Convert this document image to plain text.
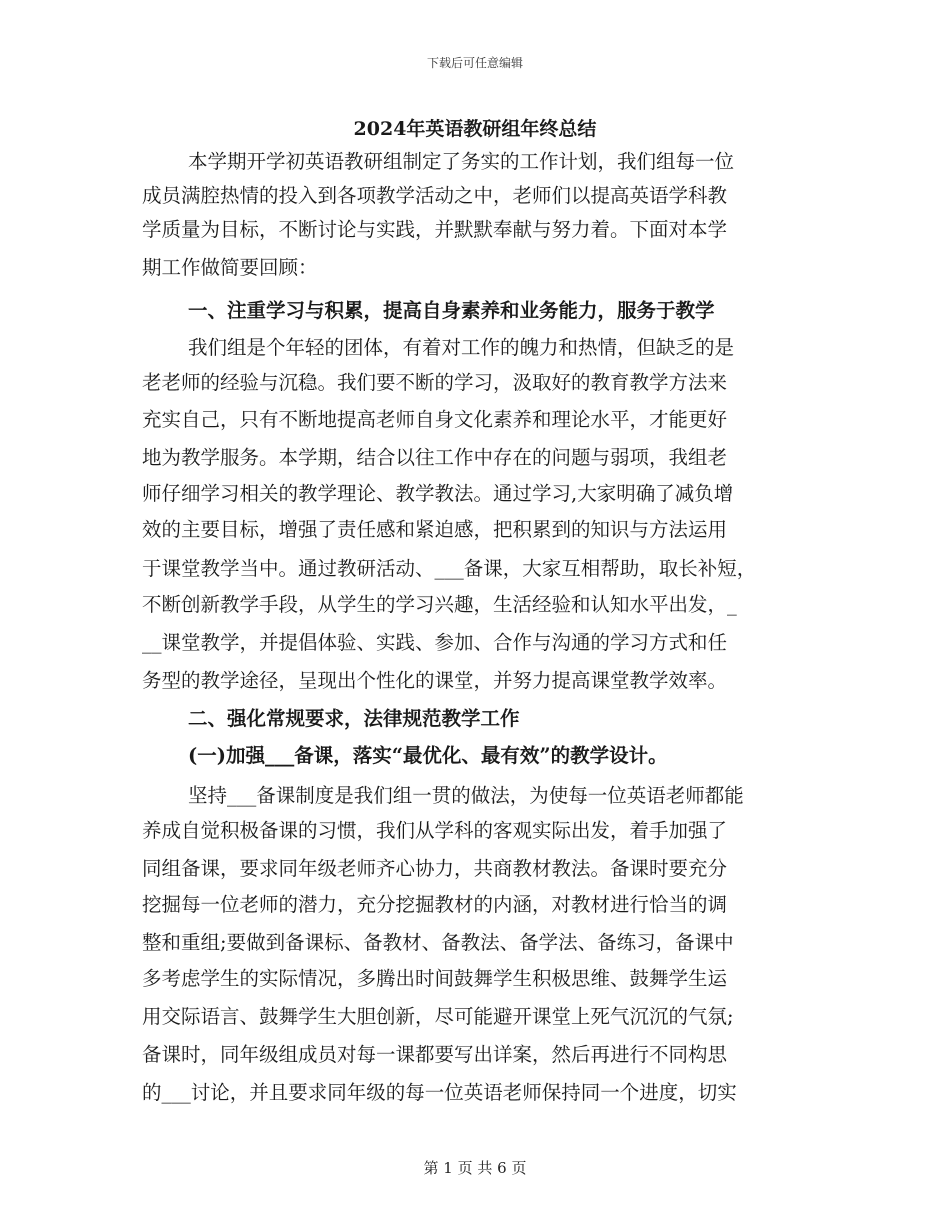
下载后可任意编辑
2024年英语教研组年终总结
本学期开学初英语教研组制定了务实的工作计划，我们组每一位
成员满腔热情的投入到各项教学活动之中，老师们以提高英语学科教
学质量为目标，不断讨论与实践，并默默奉献与努力着。下面对本学
期工作做简要回顾：
一、注重学习与积累，提高自身素养和业务能力，服务于教学
我们组是个年轻的团体，有着对工作的魄力和热情，但缺乏的是
老老师的经验与沉稳。我们要不断的学习，汲取好的教育教学方法来
充实自己，只有不断地提高老师自身文化素养和理论水平，才能更好
地为教学服务。本学期，结合以往工作中存在的问题与弱项，我组老
师仔细学习相关的教学理论、教学教法。通过学习,大家明确了减负增
效的主要目标，增强了责任感和紧迫感，把积累到的知识与方法运用
于课堂教学当中。通过教研活动、___备课，大家互相帮助，取长补短，
不断创新教学手段，从学生的学习兴趣，生活经验和认知水平出发，_
__课堂教学，并提倡体验、实践、参加、合作与沟通的学习方式和任
务型的教学途径，呈现出个性化的课堂，并努力提高课堂教学效率。
二、强化常规要求，法律规范教学工作
(一)加强___备课，落实“最优化、最有效”的教学设计。
坚持___备课制度是我们组一贯的做法，为使每一位英语老师都能
养成自觉积极备课的习惯，我们从学科的客观实际出发，着手加强了
同组备课，要求同年级老师齐心协力，共商教材教法。备课时要充分
挖掘每一位老师的潜力，充分挖掘教材的内涵，对教材进行恰当的调
整和重组;要做到备课标、备教材、备教法、备学法、备练习，备课中
多考虑学生的实际情况，多腾出时间鼓舞学生积极思维、鼓舞学生运
用交际语言、鼓舞学生大胆创新，尽可能避开课堂上死气沉沉的气氛;
备课时，同年级组成员对每一课都要写出详案，然后再进行不同构思
的___讨论，并且要求同年级的每一位英语老师保持同一个进度，切实
第 1 页 共 6 页
